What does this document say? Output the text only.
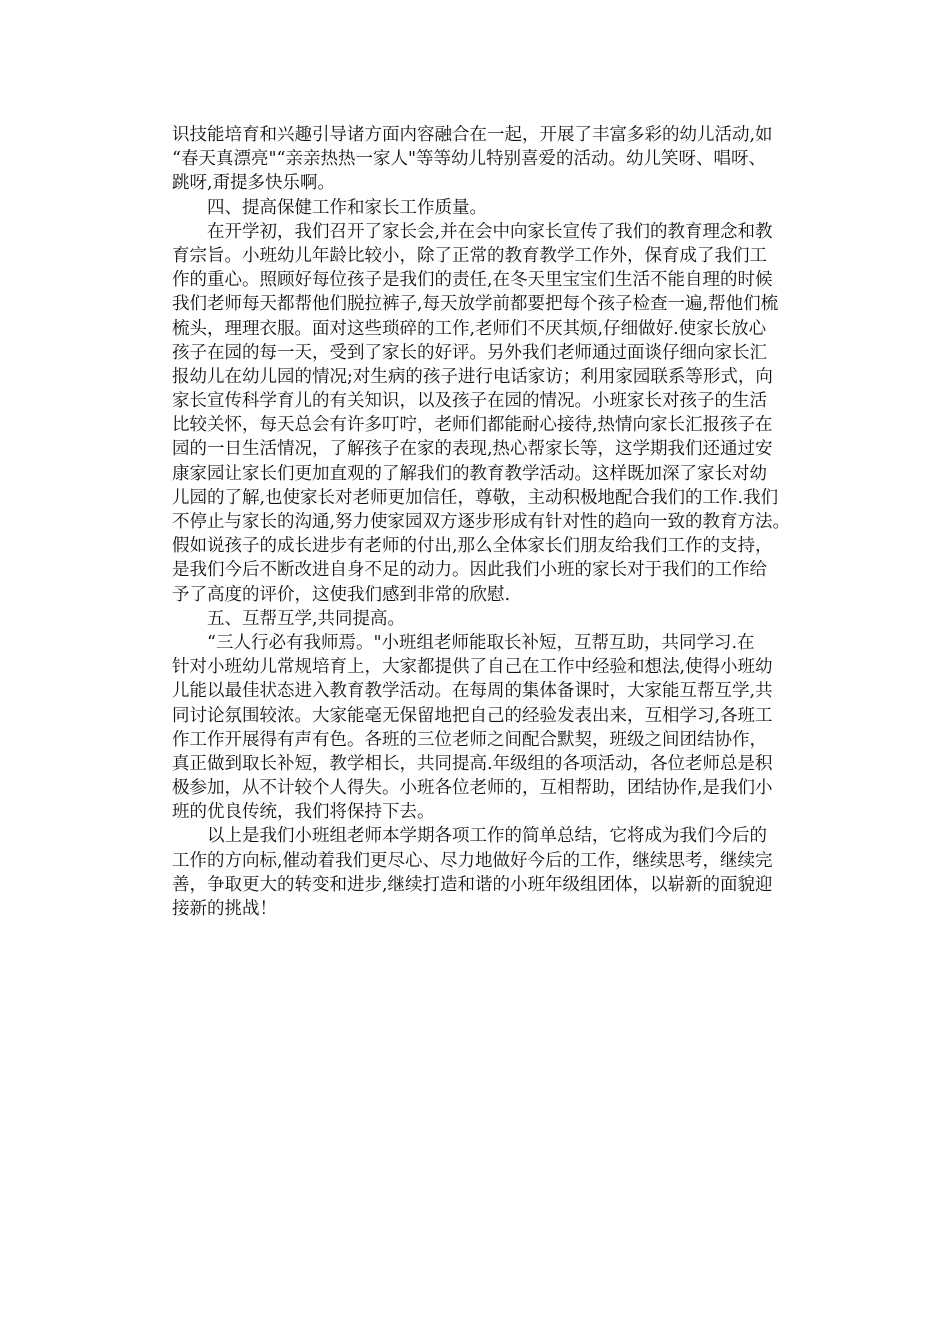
识技能培育和兴趣引导诸方面内容融合在一起，开展了丰富多彩的幼儿活动,如
“春天真漂亮"“亲亲热热一家人"等等幼儿特别喜爱的活动。幼儿笑呀、唱呀、
跳呀,甭提多快乐啊。
　　四、提高保健工作和家长工作质量。
　　在开学初，我们召开了家长会,并在会中向家长宣传了我们的教育理念和教
育宗旨。小班幼儿年龄比较小，除了正常的教育教学工作外，保育成了我们工
作的重心。照顾好每位孩子是我们的责任,在冬天里宝宝们生活不能自理的时候
我们老师每天都帮他们脱拉裤子,每天放学前都要把每个孩子检查一遍,帮他们梳
梳头，理理衣服。面对这些琐碎的工作,老师们不厌其烦,仔细做好.使家长放心
孩子在园的每一天，受到了家长的好评。另外我们老师通过面谈仔细向家长汇
报幼儿在幼儿园的情况;对生病的孩子进行电话家访；利用家园联系等形式，向
家长宣传科学育儿的有关知识，以及孩子在园的情况。小班家长对孩子的生活
比较关怀，每天总会有许多叮咛，老师们都能耐心接待,热情向家长汇报孩子在
园的一日生活情况，了解孩子在家的表现,热心帮家长等，这学期我们还通过安
康家园让家长们更加直观的了解我们的教育教学活动。这样既加深了家长对幼
儿园的了解,也使家长对老师更加信任，尊敬，主动积极地配合我们的工作.我们
不停止与家长的沟通,努力使家园双方逐步形成有针对性的趋向一致的教育方法。
假如说孩子的成长进步有老师的付出,那么全体家长们朋友给我们工作的支持，
是我们今后不断改进自身不足的动力。因此我们小班的家长对于我们的工作给
予了高度的评价，这使我们感到非常的欣慰.
　　五、互帮互学,共同提高。
　　“三人行必有我师焉。"小班组老师能取长补短，互帮互助，共同学习.在
针对小班幼儿常规培育上，大家都提供了自己在工作中经验和想法,使得小班幼
儿能以最佳状态进入教育教学活动。在每周的集体备课时，大家能互帮互学,共
同讨论氛围较浓。大家能毫无保留地把自己的经验发表出来，互相学习,各班工
作工作开展得有声有色。各班的三位老师之间配合默契，班级之间团结协作，
真正做到取长补短，教学相长，共同提高.年级组的各项活动，各位老师总是积
极参加，从不计较个人得失。小班各位老师的，互相帮助，团结协作,是我们小
班的优良传统，我们将保持下去。
　　以上是我们小班组老师本学期各项工作的简单总结，它将成为我们今后的
工作的方向标,催动着我们更尽心、尽力地做好今后的工作，继续思考，继续完
善，争取更大的转变和进步,继续打造和谐的小班年级组团体，以崭新的面貌迎
接新的挑战！
